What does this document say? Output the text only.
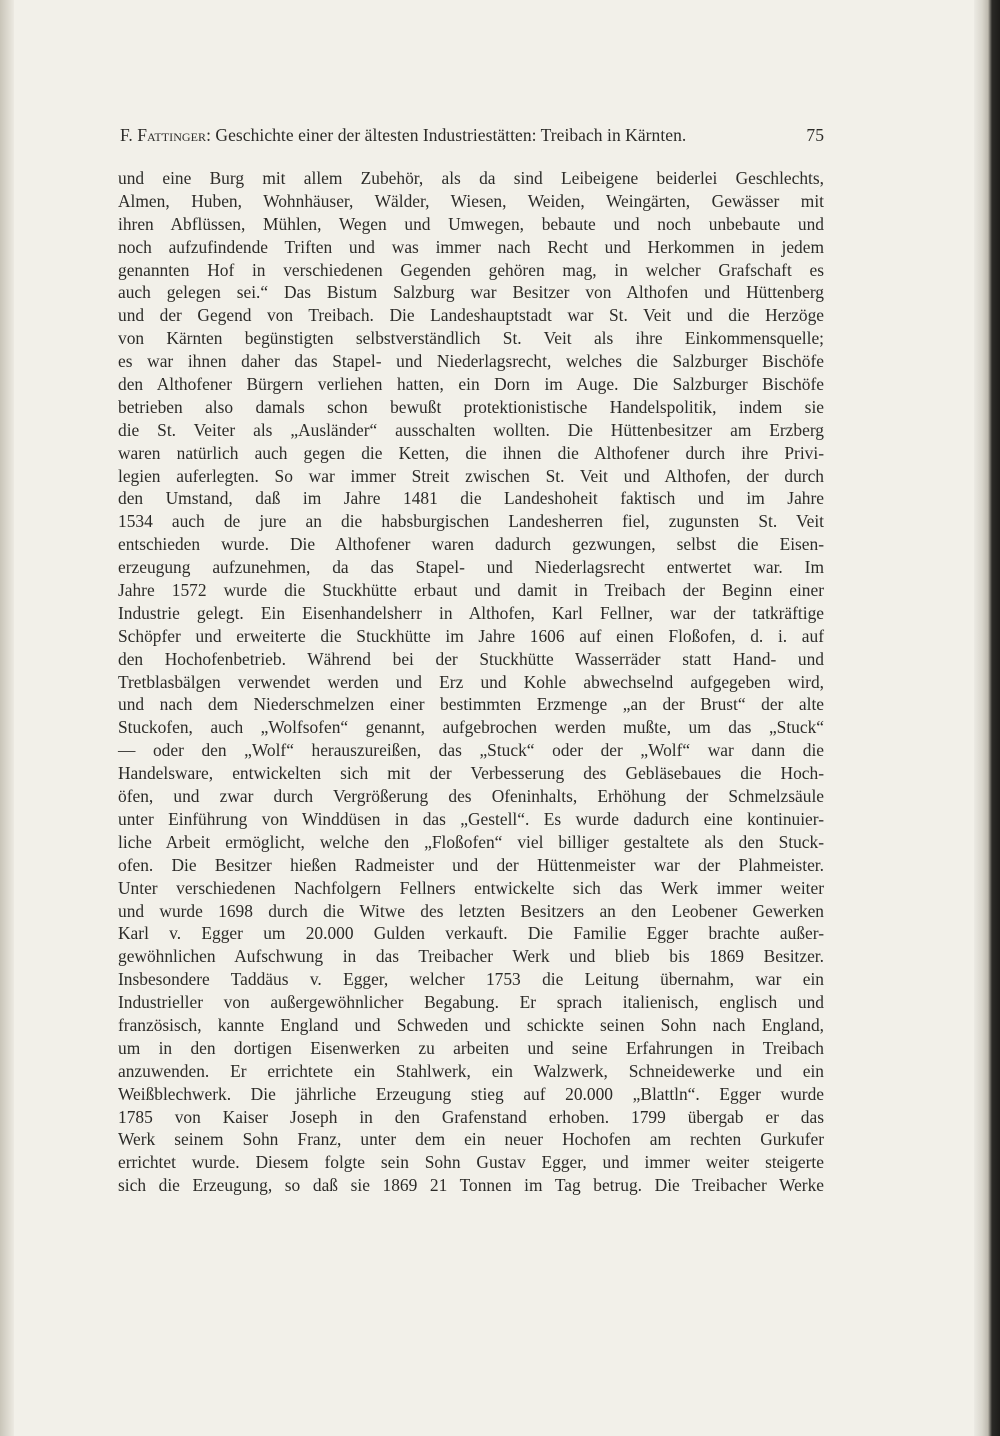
F. Fattinger: Geschichte einer der ältesten Industriestätten: Treibach in Kärnten.	75
und eine Burg mit allem Zubehör, als da sind Leibeigene beiderlei Geschlechts,
Almen, Huben, Wohnhäuser, Wälder, Wiesen, Weiden, Weingärten, Gewässer mit
ihren Abflüssen, Mühlen, Wegen und Umwegen, bebaute und noch unbebaute und
noch aufzufindende Triften und was immer nach Recht und Herkommen in jedem
genannten Hof in verschiedenen Gegenden gehören mag, in welcher Grafschaft es
auch gelegen sei.“ Das Bistum Salzburg war Besitzer von Althofen und Hüttenberg
und der Gegend von Treibach. Die Landeshauptstadt war St. Veit und die Herzöge
von Kärnten begünstigten selbstverständlich St. Veit als ihre Einkommensquelle;
es war ihnen daher das Stapel- und Niederlagsrecht, welches die Salzburger Bischöfe
den Althofener Bürgern verliehen hatten, ein Dorn im Auge. Die Salzburger Bischöfe
betrieben also damals schon bewußt protektionistische Handelspolitik, indem sie
die St. Veiter als „Ausländer“ ausschalten wollten. Die Hüttenbesitzer am Erzberg
waren natürlich auch gegen die Ketten, die ihnen die Althofener durch ihre Privi-
legien auferlegten. So war immer Streit zwischen St. Veit und Althofen, der durch
den Umstand, daß im Jahre 1481 die Landeshoheit faktisch und im Jahre
1534 auch de jure an die habsburgischen Landesherren fiel, zugunsten St. Veit
entschieden wurde. Die Althofener waren dadurch gezwungen, selbst die Eisen-
erzeugung aufzunehmen, da das Stapel- und Niederlagsrecht entwertet war. Im
Jahre 1572 wurde die Stuckhütte erbaut und damit in Treibach der Beginn einer
Industrie gelegt. Ein Eisenhandelsherr in Althofen, Karl Fellner, war der tatkräftige
Schöpfer und erweiterte die Stuckhütte im Jahre 1606 auf einen Floßofen, d. i. auf
den Hochofenbetrieb. Während bei der Stuckhütte Wasserräder statt Hand- und
Tretblasbälgen verwendet werden und Erz und Kohle abwechselnd aufgegeben wird,
und nach dem Niederschmelzen einer bestimmten Erzmenge „an der Brust“ der alte
Stuckofen, auch „Wolfsofen“ genannt, aufgebrochen werden mußte, um das „Stuck“
— oder den „Wolf“ herauszureißen, das „Stuck“ oder der „Wolf“ war dann die
Handelsware, entwickelten sich mit der Verbesserung des Gebläsebaues die Hoch-
öfen, und zwar durch Vergrößerung des Ofeninhalts, Erhöhung der Schmelzsäule
unter Einführung von Winddüsen in das „Gestell“. Es wurde dadurch eine kontinuier-
liche Arbeit ermöglicht, welche den „Floßofen“ viel billiger gestaltete als den Stuck-
ofen. Die Besitzer hießen Radmeister und der Hüttenmeister war der Plahmeister.
Unter verschiedenen Nachfolgern Fellners entwickelte sich das Werk immer weiter
und wurde 1698 durch die Witwe des letzten Besitzers an den Leobener Gewerken
Karl v. Egger um 20.000 Gulden verkauft. Die Familie Egger brachte außer-
gewöhnlichen Aufschwung in das Treibacher Werk und blieb bis 1869 Besitzer.
Insbesondere Taddäus v. Egger, welcher 1753 die Leitung übernahm, war ein
Industrieller von außergewöhnlicher Begabung. Er sprach italienisch, englisch und
französisch, kannte England und Schweden und schickte seinen Sohn nach England,
um in den dortigen Eisenwerken zu arbeiten und seine Erfahrungen in Treibach
anzuwenden. Er errichtete ein Stahlwerk, ein Walzwerk, Schneidewerke und ein
Weißblechwerk. Die jährliche Erzeugung stieg auf 20.000 „Blattln“. Egger wurde
1785 von Kaiser Joseph in den Grafenstand erhoben. 1799 übergab er das
Werk seinem Sohn Franz, unter dem ein neuer Hochofen am rechten Gurkufer
errichtet wurde. Diesem folgte sein Sohn Gustav Egger, und immer weiter steigerte
sich die Erzeugung, so daß sie 1869 21 Tonnen im Tag betrug. Die Treibacher Werke
